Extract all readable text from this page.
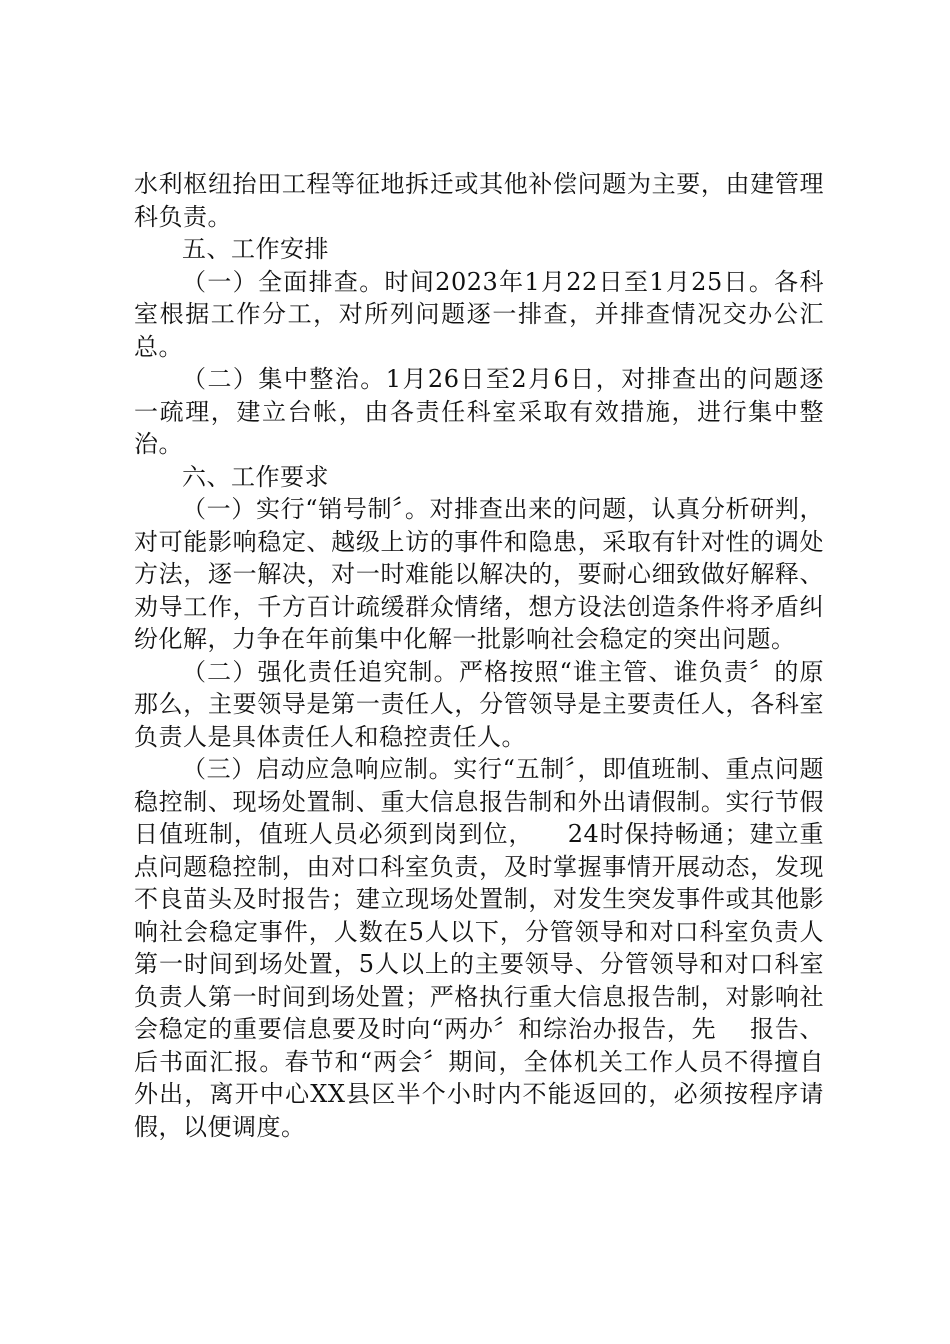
水利枢纽抬田工程等征地拆迁或其他补偿问题为主要，由建管理科负责。

五、工作安排

（一）全面排查。时间2023年1月22日至1月25日。各科室根据工作分工，对所列问题逐一排查，并排查情况交办公汇总。

（二）集中整治。1月26日至2月6日，对排查出的问题逐一疏理，建立台帐，由各责任科室采取有效措施，进行集中整治。

六、工作要求

（一）实行“销号制〞。对排查出来的问题，认真分析研判，对可能影响稳定、越级上访的事件和隐患，采取有针对性的调处方法，逐一解决，对一时难能以解决的，要耐心细致做好解释、劝导工作，千方百计疏缓群众情绪，想方设法创造条件将矛盾纠纷化解，力争在年前集中化解一批影响社会稳定的突出问题。

（二）强化责任追究制。严格按照“谁主管、谁负责〞的原那么，主要领导是第一责任人，分管领导是主要责任人，各科室负责人是具体责任人和稳控责任人。

（三）启动应急响应制。实行“五制〞，即值班制、重点问题稳控制、现场处置制、重大信息报告制和外出请假制。实行节假日值班制，值班人员必须到岗到位，    24时保持畅通；建立重点问题稳控制，由对口科室负责，及时掌握事情开展动态，发现不良苗头及时报告；建立现场处置制，对发生突发事件或其他影响社会稳定事件，人数在5人以下，分管领导和对口科室负责人第一时间到场处置，5人以上的主要领导、分管领导和对口科室负责人第一时间到场处置；严格执行重大信息报告制，对影响社会稳定的重要信息要及时向“两办〞和综治办报告，先    报告、后书面汇报。春节和“两会〞期间，全体机关工作人员不得擅自外出，离开中心XX县区半个小时内不能返回的，必须按程序请假，以便调度。
